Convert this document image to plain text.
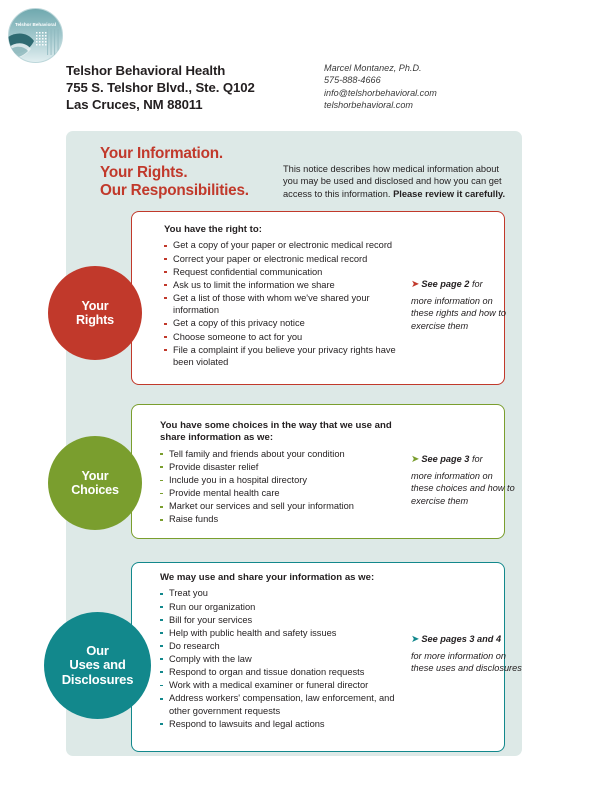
Telshor Behavioral
Telshor Behavioral Health
755 S. Telshor Blvd., Ste. Q102
Las Cruces, NM 88011
Marcel Montanez, Ph.D.
575-888-4666
info@telshorbehavioral.com
telshorbehavioral.com
Your Information.
Your Rights.
Our Responsibilities.
This notice describes how medical information about you may be used and disclosed and how you can get access to this information. Please review it carefully.
Your
Rights
Your
Choices
Our
Uses and
Disclosures
You have the right to:
Get a copy of your paper or electronic medical record
Correct your paper or electronic medical record
Request confidential communication
Ask us to limit the information we share
Get a list of those with whom we've shared your information
Get a copy of this privacy notice
Choose someone to act for you
File a complaint if you believe your privacy rights have been violated
➤ See page 2 for
more information on these rights and how to exercise them
You have some choices in the way that we use and share information as we:
Tell family and friends about your condition
Provide disaster relief
Include you in a hospital directory
Provide mental health care
Market our services and sell your information
Raise funds
➤ See page 3 for
more information on these choices and how to exercise them
We may use and share your information as we:
Treat you
Run our organization
Bill for your services
Help with public health and safety issues
Do research
Comply with the law
Respond to organ and tissue donation requests
Work with a medical examiner or funeral director
Address workers' compensation, law enforcement, and other government requests
Respond to lawsuits and legal actions
➤ See pages 3 and 4
for more information on these uses and disclosures
